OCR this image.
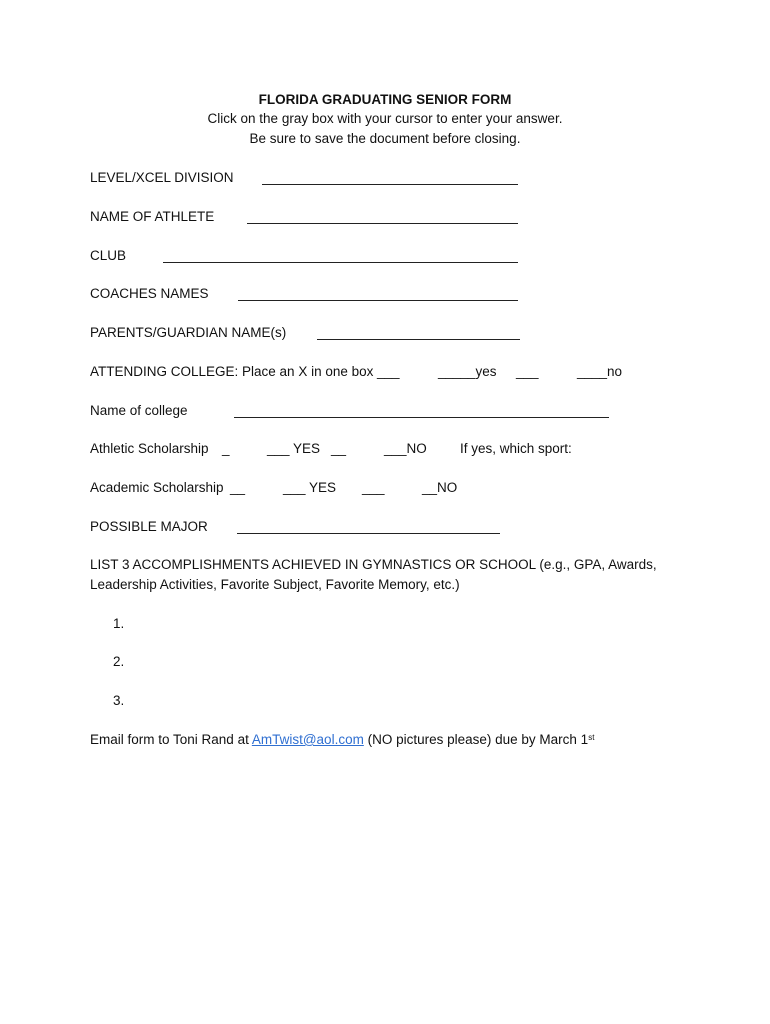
FLORIDA GRADUATING SENIOR FORM
Click on the gray box with your cursor to enter your answer.
Be sure to save the document before closing.
LEVEL/XCEL DIVISION
NAME OF ATHLETE
CLUB
COACHES NAMES
PARENTS/GUARDIAN NAME(s)
ATTENDING COLLEGE: Place an X in one box ___	_____yes ___	____no
Name of college
Athletic Scholarship _	___ YES __	___NO If yes, which sport:
Academic Scholarship __	___ YES ___	__NO
POSSIBLE MAJOR
LIST 3 ACCOMPLISHMENTS ACHIEVED IN GYMNASTICS OR SCHOOL (e.g., GPA, Awards,
Leadership Activities, Favorite Subject, Favorite Memory, etc.)
1.
2.
3.
Email form to Toni Rand at AmTwist@aol.com (NO pictures please) due by March 1st
